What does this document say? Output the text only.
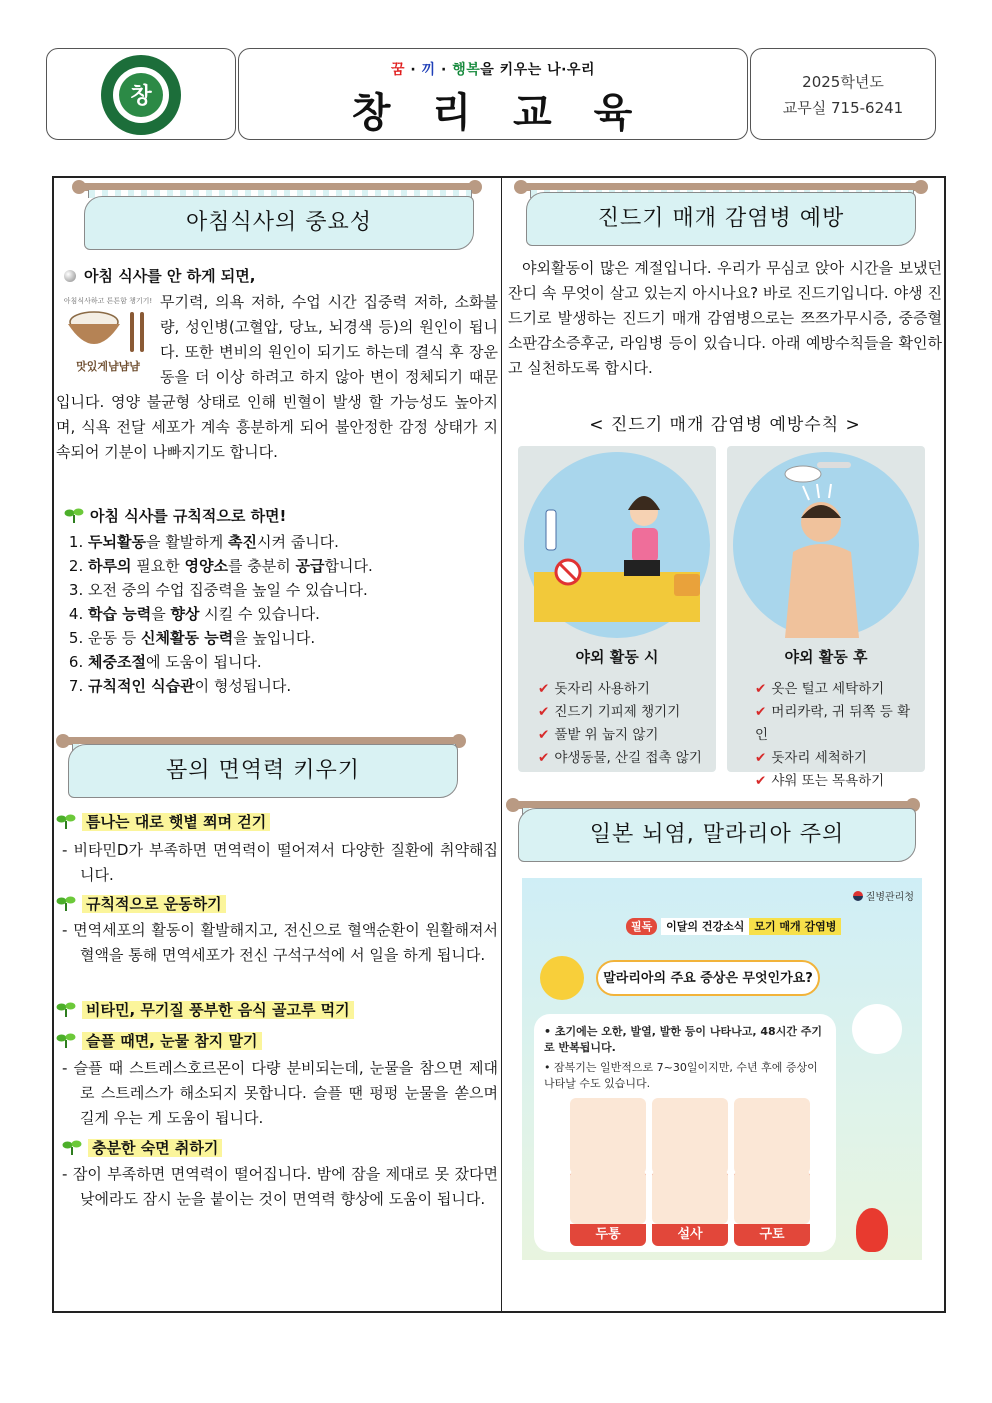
창
꿈 · 끼 · 행복을 키우는 나·우리
창리교육
2025학년도
교무실 715-6241
아침식사의 중요성
아침 식사를 안 하게 되면,
아침식사하고 튼튼함 챙기기!
맛있게냠냠냠
무기력, 의욕 저하, 수업 시간 집중력 저하, 소화불량, 성인병(고혈압, 당뇨, 뇌경색 등)의 원인이 됩니다. 또한 변비의 원인이 되기도 하는데 결식 후 장운동을 더 이상 하려고 하지 않아 변이 정체되기 때문입니다. 영양 불균형 상태로 인해 빈혈이 발생 할 가능성도 높아지며, 식욕 전달 세포가 계속 흥분하게 되어 불안정한 감정 상태가 지속되어 기분이 나빠지기도 합니다.
아침 식사를 규칙적으로 하면!
1. 두뇌활동을 활발하게 촉진시켜 줍니다.
2. 하루의 필요한 영양소를 충분히 공급합니다.
3. 오전 중의 수업 집중력을 높일 수 있습니다.
4. 학습 능력을 향상 시킬 수 있습니다.
5. 운동 등 신체활동 능력을 높입니다.
6. 체중조절에 도움이 됩니다.
7. 규칙적인 식습관이 형성됩니다.
몸의 면역력 키우기
틈나는 대로 햇볕 쬐며 걷기
- 비타민D가 부족하면 면역력이 떨어져서 다양한 질환에 취약해집니다.
규칙적으로 운동하기
- 면역세포의 활동이 활발해지고, 전신으로 혈액순환이 원활해져서 혈액을 통해 면역세포가 전신 구석구석에 서 일을 하게 됩니다.
비타민, 무기질 풍부한 음식 골고루 먹기
슬플 때면, 눈물 참지 말기
- 슬플 때 스트레스호르몬이 다량 분비되는데, 눈물을 참으면 제대로 스트레스가 해소되지 못합니다. 슬플 땐 펑펑 눈물을 쏟으며 길게 우는 게 도움이 됩니다.
충분한 숙면 취하기
- 잠이 부족하면 면역력이 떨어집니다. 밤에 잠을 제대로 못 잤다면 낮에라도 잠시 눈을 붙이는 것이 면역력 향상에 도움이 됩니다.
진드기 매개 감염병 예방
야외활동이 많은 계절입니다. 우리가 무심코 앉아 시간을 보냈던 잔디 속 무엇이 살고 있는지 아시나요? 바로 진드기입니다. 야생 진드기로 발생하는 진드기 매개 감염병으로는 쯔쯔가무시증, 중증혈소판감소증후군, 라임병 등이 있습니다. 아래 예방수칙들을 확인하고 실천하도록 합시다.
< 진드기 매개 감염병 예방수칙 >
야외 활동 시
✔ 돗자리 사용하기
✔ 진드기 기피제 챙기기
✔ 풀밭 위 눕지 않기
✔ 야생동물, 산길 접촉 않기
야외 활동 후
✔ 옷은 털고 세탁하기
✔ 머리카락, 귀 뒤쪽 등 확인
✔ 돗자리 세척하기
✔ 샤워 또는 목욕하기
일본 뇌염, 말라리아 주의
질병관리청
필독 이달의 건강소식 모기 매개 감염병
말라리아의 주요 증상은 무엇인가요?
• 초기에는 오한, 발열, 발한 등이 나타나고, 48시간 주기로 반복됩니다.
• 잠복기는 일반적으로 7~30일이지만, 수년 후에 증상이 나타날 수도 있습니다.
두통	설사	구토
